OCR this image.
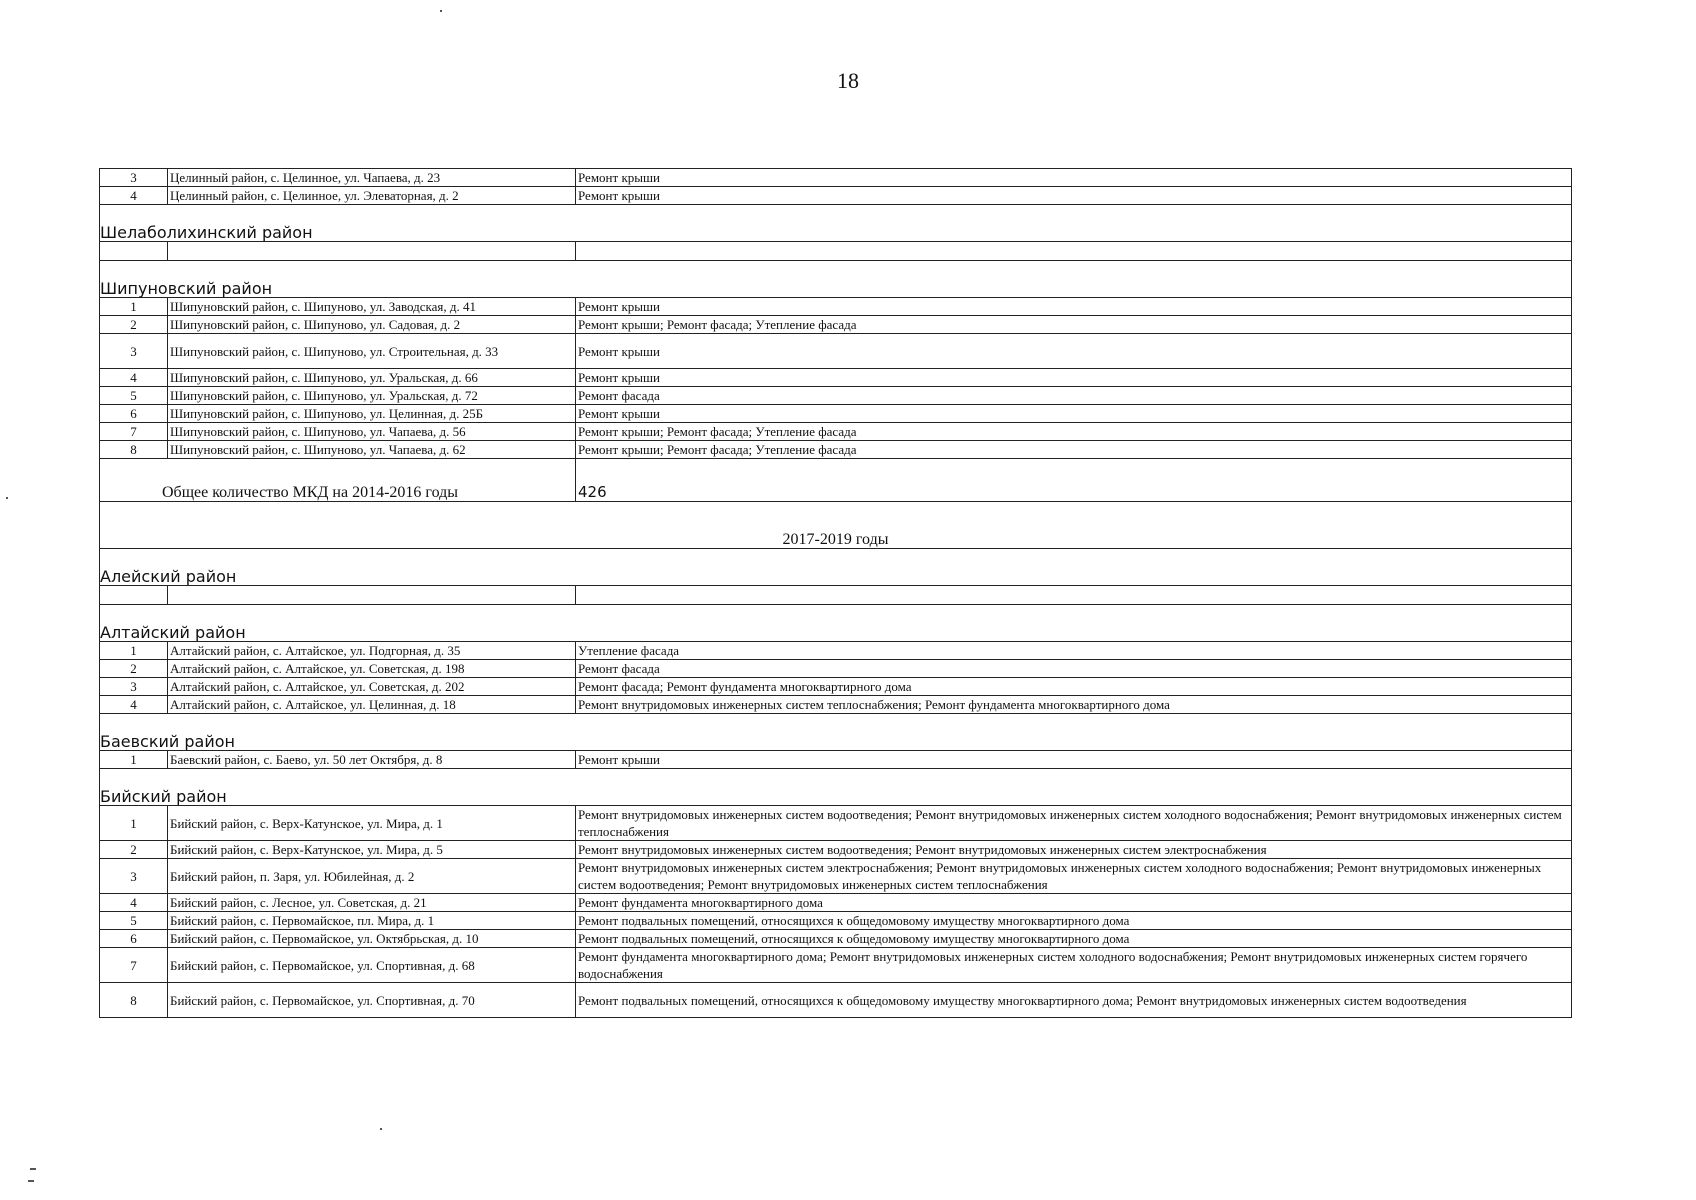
18
3	Целинный район, с. Целинное, ул. Чапаева, д. 23	Ремонт крыши
4	Целинный район, с. Целинное, ул. Элеваторная, д. 2	Ремонт крыши
Шелаболихинский район		

Шипуновский район		
1	Шипуновский район, с. Шипуново, ул. Заводская, д. 41	Ремонт крыши
2	Шипуновский район, с. Шипуново, ул. Садовая, д. 2	Ремонт крыши; Ремонт фасада; Утепление фасада
3	Шипуновский район, с. Шипуново, ул. Строительная, д. 33	Ремонт крыши
4	Шипуновский район, с. Шипуново, ул. Уральская, д. 66	Ремонт крыши
5	Шипуновский район, с. Шипуново, ул. Уральская, д. 72	Ремонт фасада
6	Шипуновский район, с. Шипуново, ул. Целинная, д. 25Б	Ремонт крыши
7	Шипуновский район, с. Шипуново, ул. Чапаева, д. 56	Ремонт крыши; Ремонт фасада; Утепление фасада
8	Шипуновский район, с. Шипуново, ул. Чапаева, д. 62	Ремонт крыши; Ремонт фасада; Утепление фасада
Общее количество МКД на 2014-2016 годы		426
2017-2019 годы		
Алейский район		

Алтайский район		
1	Алтайский район, с. Алтайское, ул. Подгорная, д. 35	Утепление фасада
2	Алтайский район, с. Алтайское, ул. Советская, д. 198	Ремонт фасада
3	Алтайский район, с. Алтайское, ул. Советская, д. 202	Ремонт фасада; Ремонт фундамента многоквартирного дома
4	Алтайский район, с. Алтайское, ул. Целинная, д. 18	Ремонт внутридомовых инженерных систем теплоснабжения; Ремонт фундамента многоквартирного дома
Баевский район		
1	Баевский район, с. Баево, ул. 50 лет Октября, д. 8	Ремонт крыши
Бийский район		
1	Бийский район, с. Верх-Катунское, ул. Мира, д. 1	Ремонт внутридомовых инженерных систем водоотведения; Ремонт внутридомовых инженерных систем холодного водоснабжения; Ремонт внутридомовых инженерных систем теплоснабжения
2	Бийский район, с. Верх-Катунское, ул. Мира, д. 5	Ремонт внутридомовых инженерных систем водоотведения; Ремонт внутридомовых инженерных систем электроснабжения
3	Бийский район, п. Заря, ул. Юбилейная, д. 2	Ремонт внутридомовых инженерных систем электроснабжения; Ремонт внутридомовых инженерных систем холодного водоснабжения; Ремонт внутридомовых инженерных систем водоотведения; Ремонт внутридомовых инженерных систем теплоснабжения
4	Бийский район, с. Лесное, ул. Советская, д. 21	Ремонт фундамента многоквартирного дома
5	Бийский район, с. Первомайское, пл. Мира, д. 1	Ремонт подвальных помещений, относящихся к общедомовому имуществу многоквартирного дома
6	Бийский район, с. Первомайское, ул. Октябрьская, д. 10	Ремонт подвальных помещений, относящихся к общедомовому имуществу многоквартирного дома
7	Бийский район, с. Первомайское, ул. Спортивная, д. 68	Ремонт фундамента многоквартирного дома; Ремонт внутридомовых инженерных систем холодного водоснабжения; Ремонт внутридомовых инженерных систем горячего водоснабжения
8	Бийский район, с. Первомайское, ул. Спортивная, д. 70	Ремонт подвальных помещений, относящихся к общедомовому имуществу многоквартирного дома; Ремонт внутридомовых инженерных систем водоотведения
